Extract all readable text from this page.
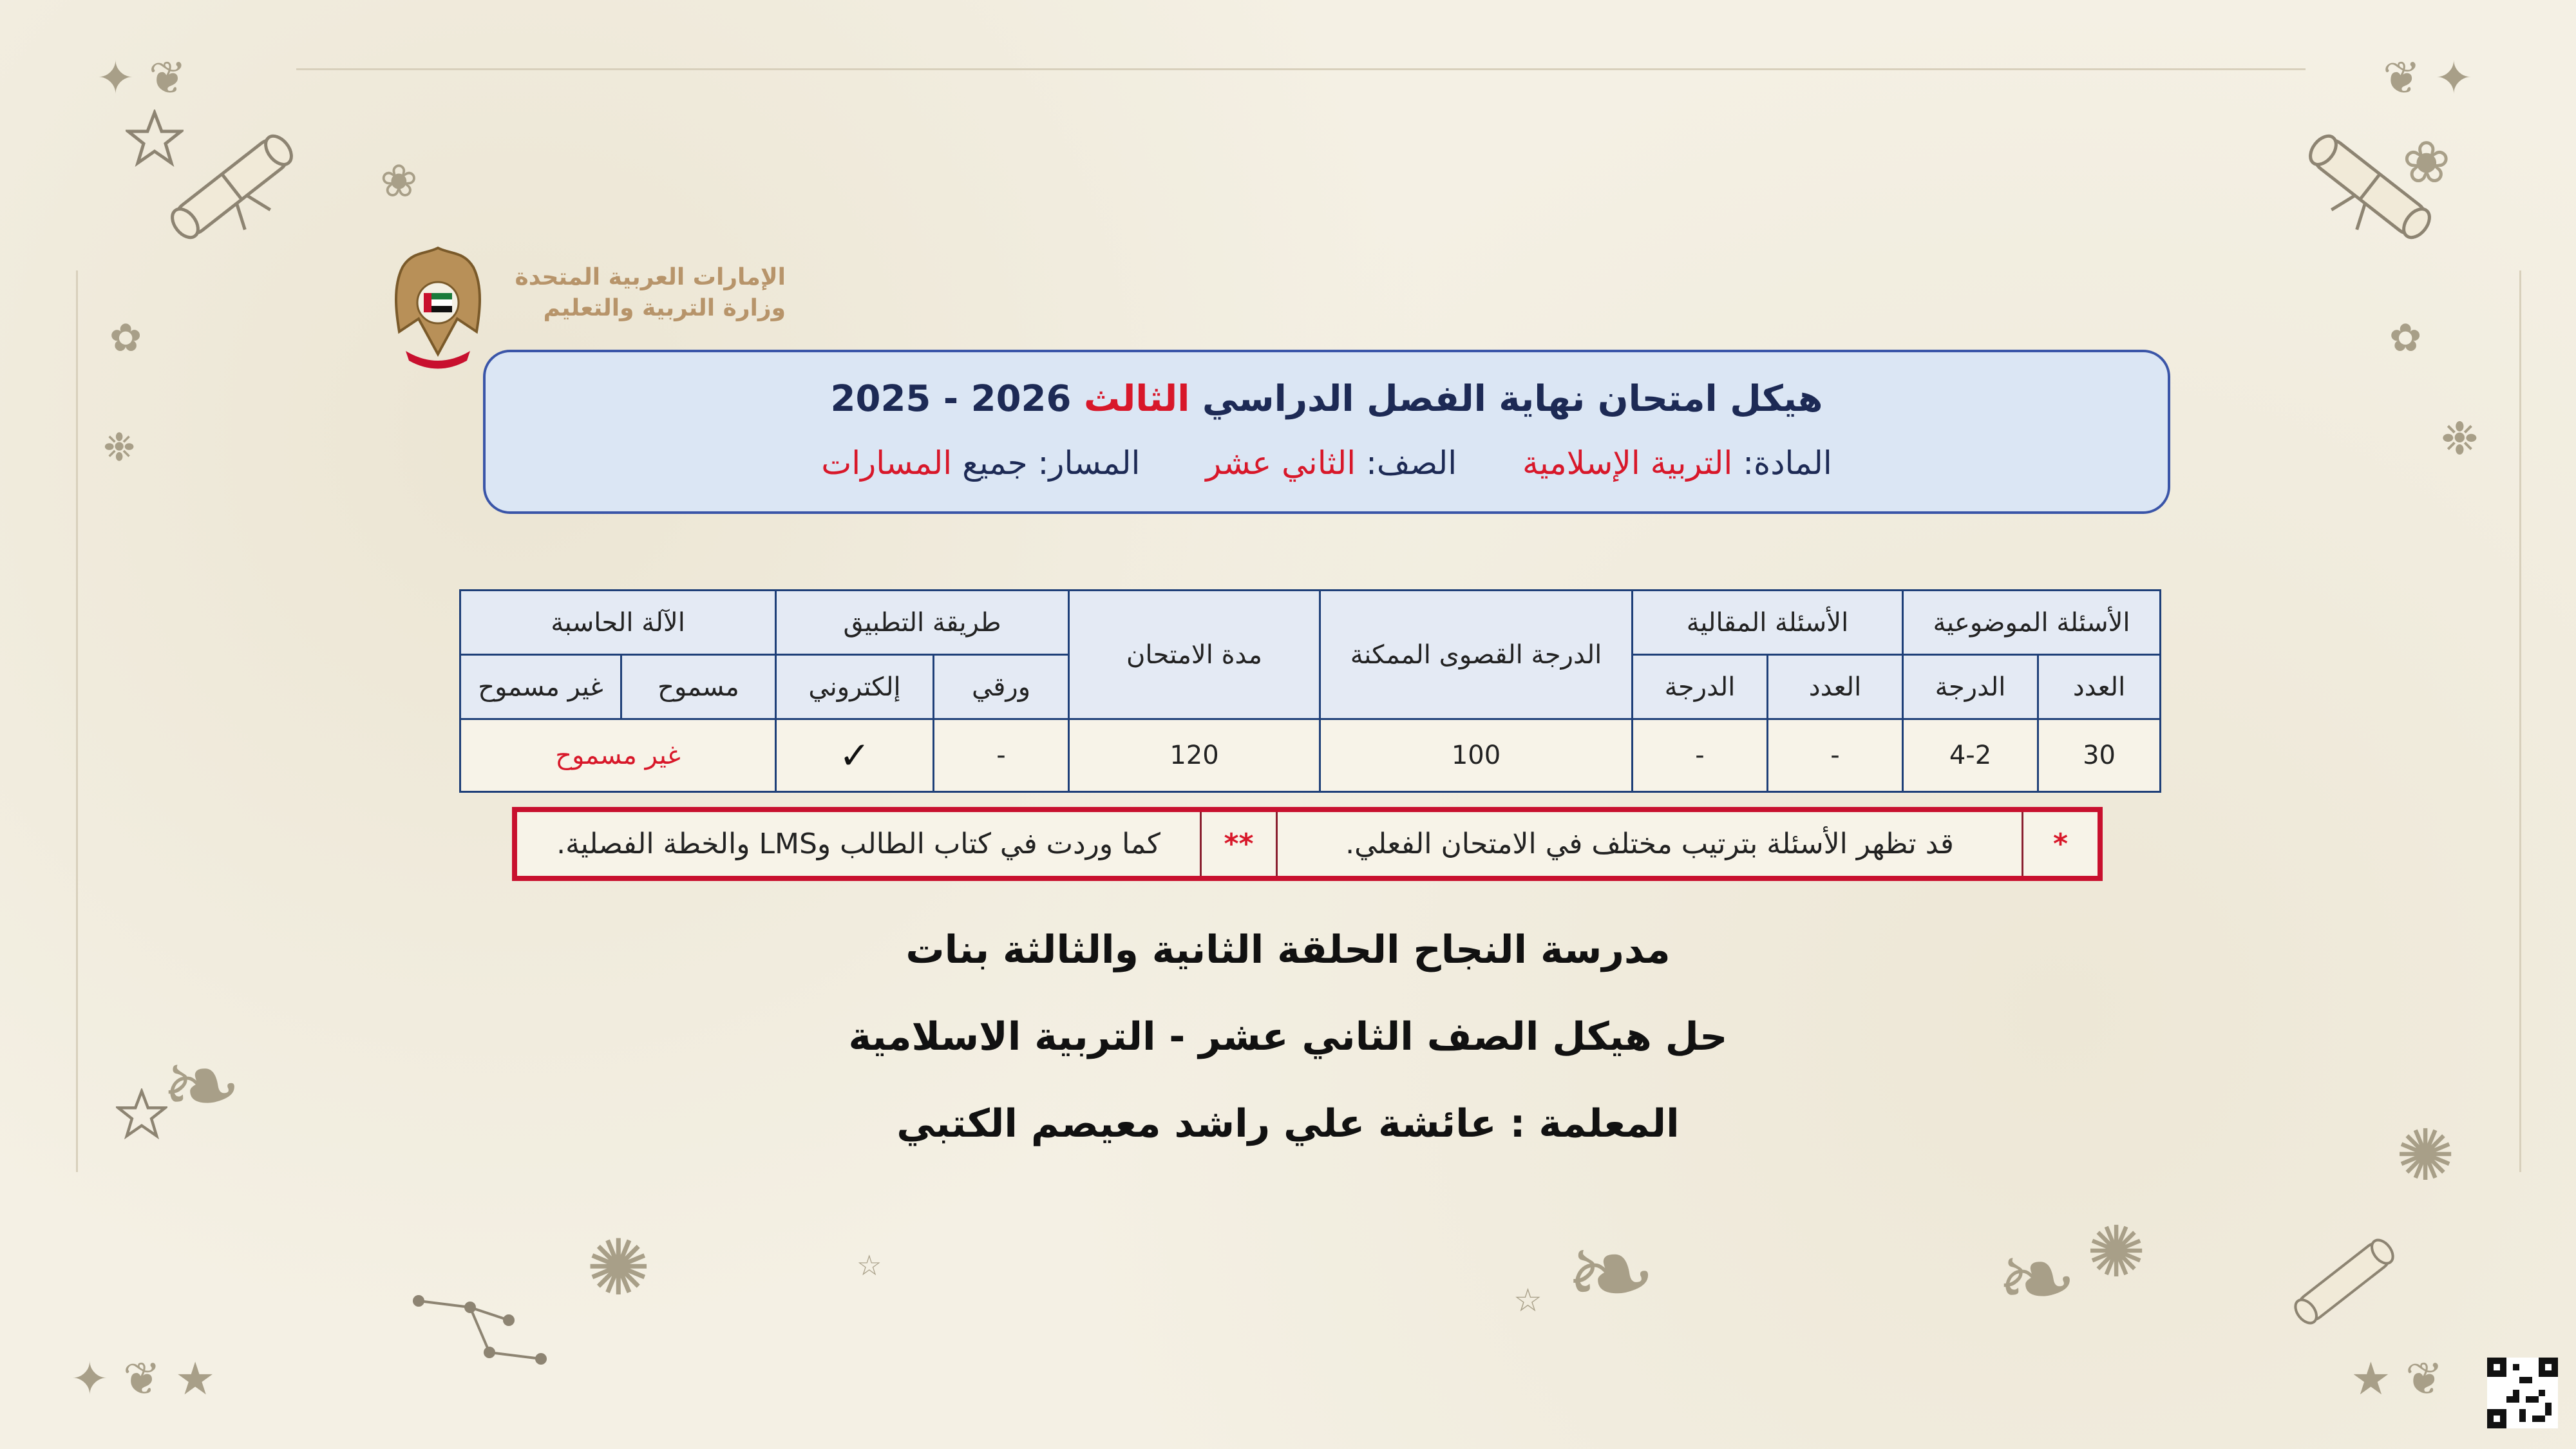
❀
✦ ❦
✿
❉
❀
❦ ✦
✿
❉
❧
✺
✦ ❦ ★
❧
☆
☆	❧ ✺
✺
★ ❦
الإمارات العربية المتحدة
وزارة التربية والتعليم
هيكل امتحان نهاية الفصل الدراسي الثالث 2025 - 2026
المادة: التربية الإسلامية  الصف: الثاني عشر  المسار: جميع المسارات
الأسئلة الموضوعية		الأسئلة المقالية		الدرجة القصوى الممكنة	مدة الامتحان	طريقة التطبيق		الآلة الحاسبة	
العدد	الدرجة	العدد	الدرجة			ورقي	إلكتروني	مسموح	غير مسموح
30	4-2	-	-	100	120	-	✓	غير مسموح	
*
قد تظهر الأسئلة بترتيب مختلف في الامتحان الفعلي.
**
كما وردت في كتاب الطالب وLMS والخطة الفصلية.
مدرسة النجاح الحلقة الثانية والثالثة بنات
حل هيكل الصف الثاني عشر - التربية الاسلامية
المعلمة : عائشة علي راشد معيصم الكتبي
